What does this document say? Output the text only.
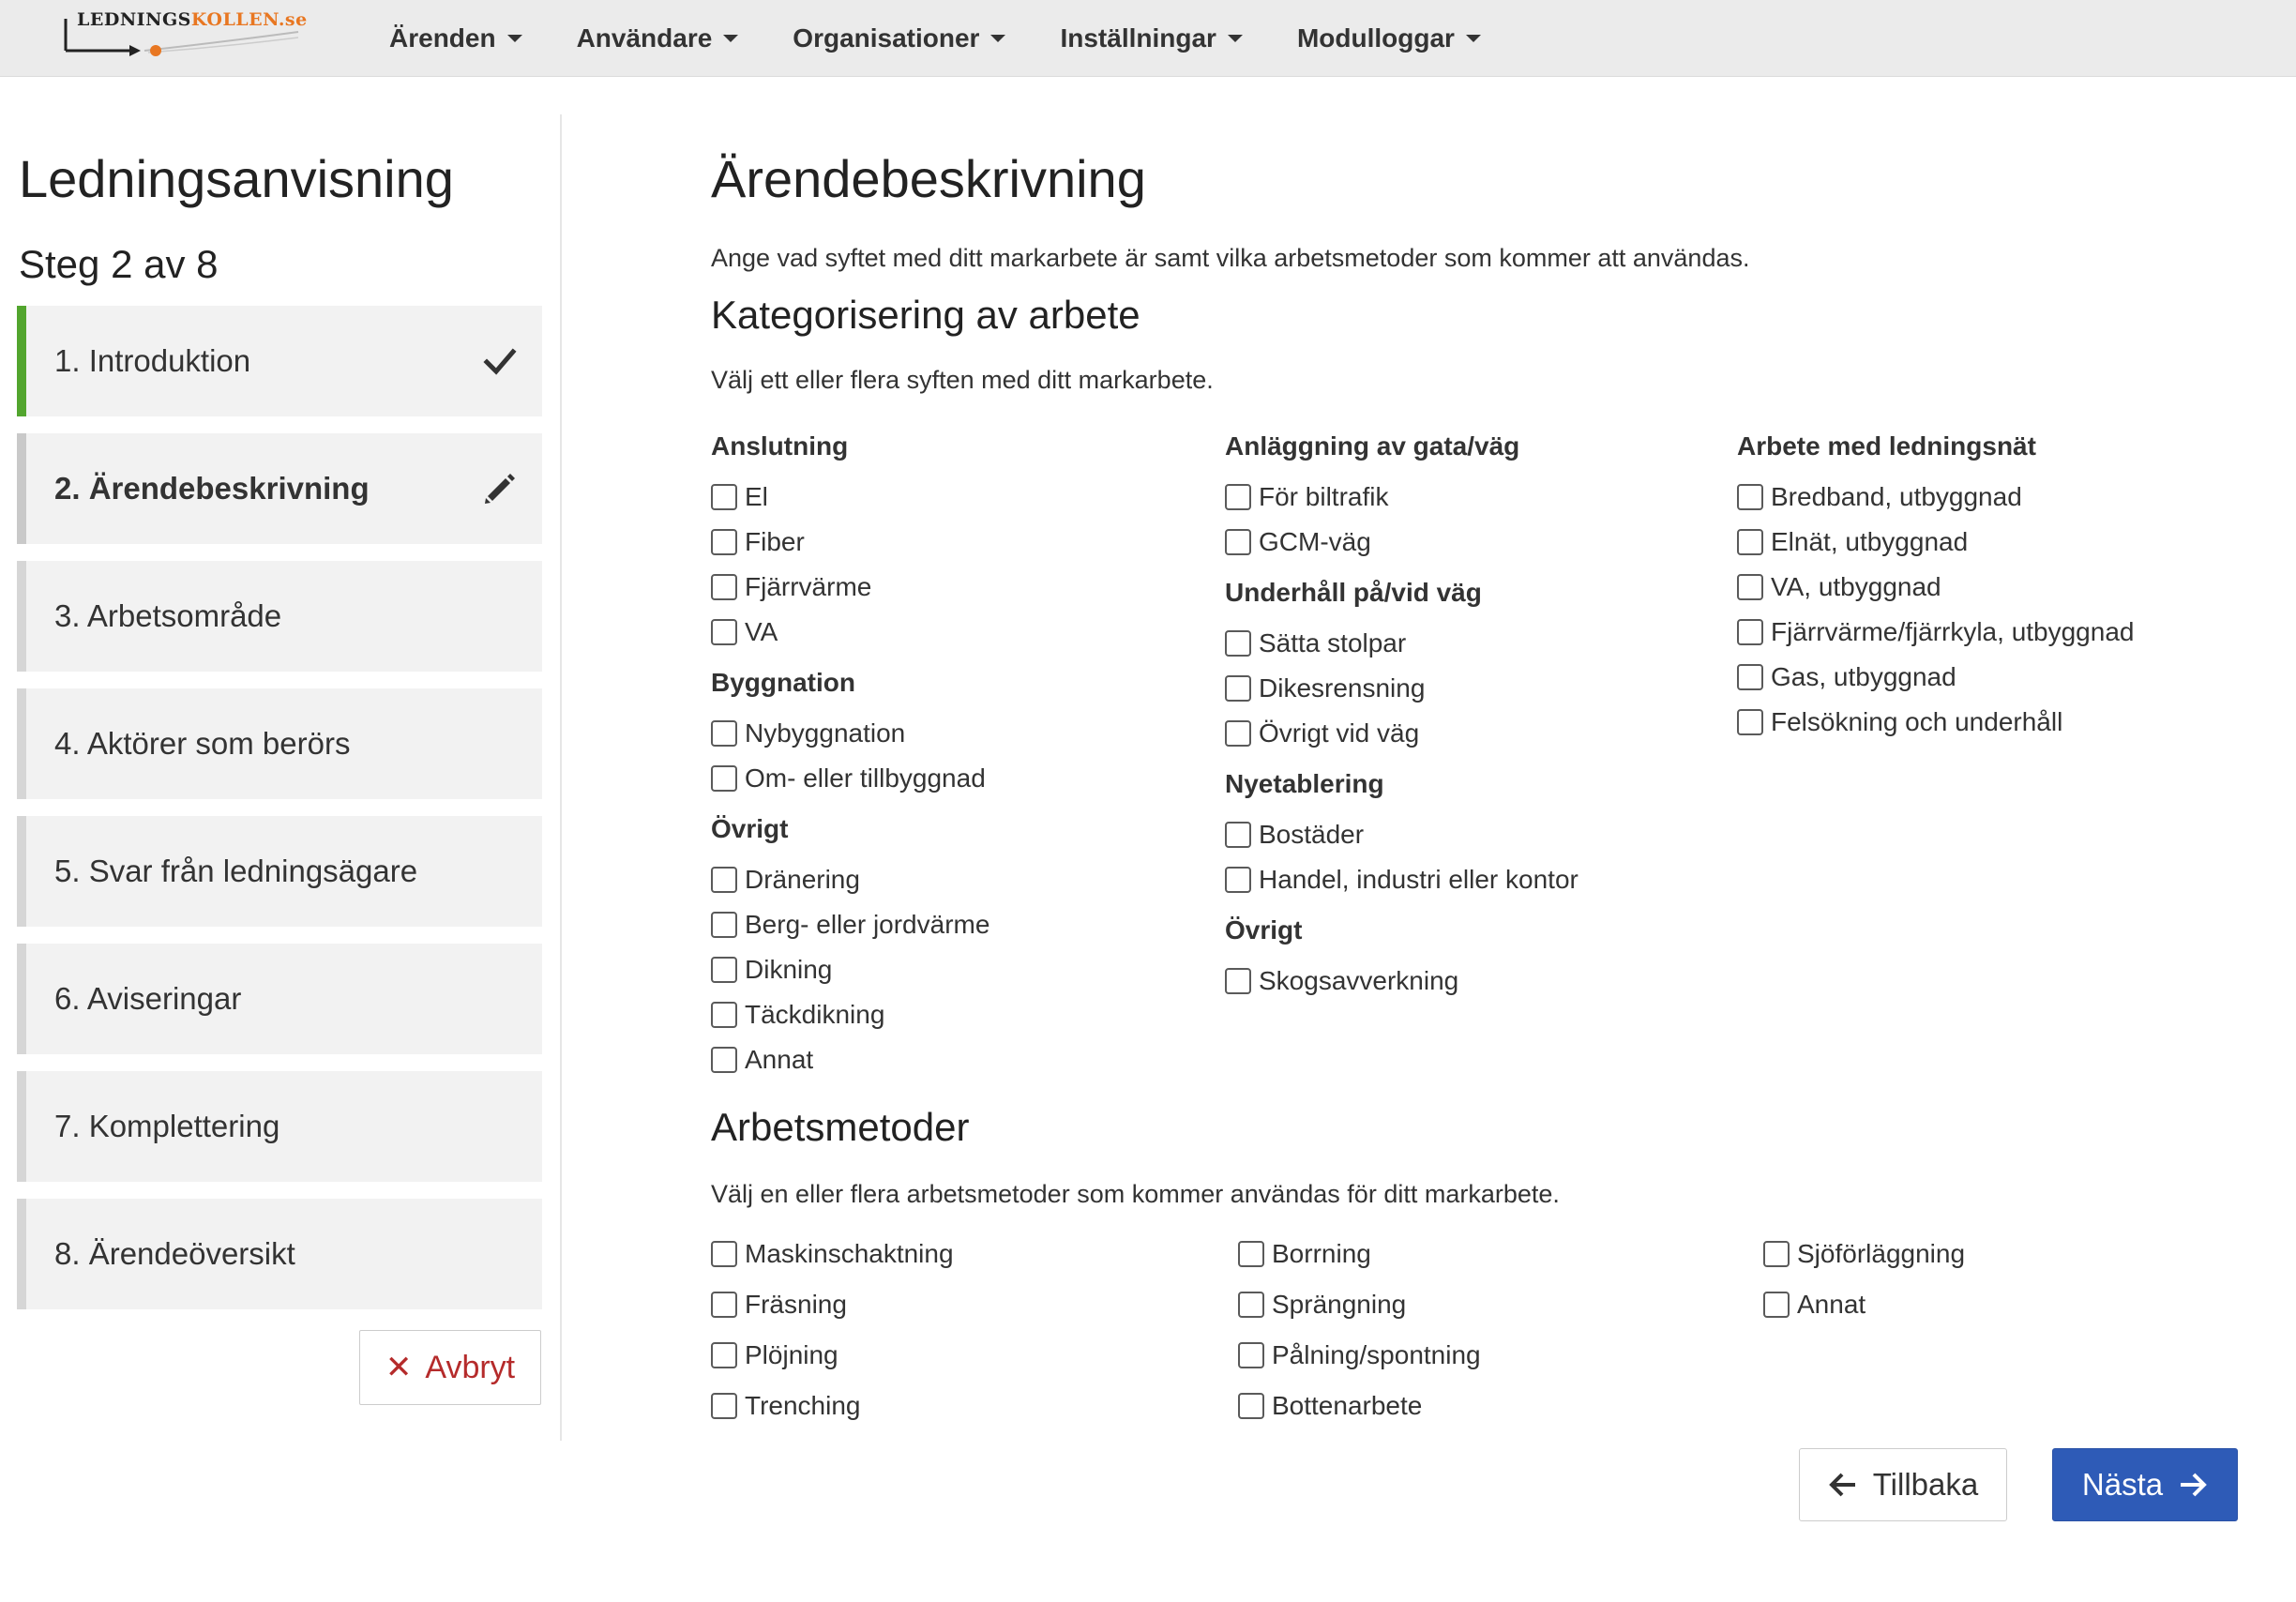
LEDNINGSKOLLEN.se
Ärenden	Användare	Organisationer	Inställningar	Modulloggar
Ledningsanvisning
Steg 2 av 8
1. Introduktion
2. Ärendebeskrivning
3. Arbetsområde
4. Aktörer som berörs
5. Svar från ledningsägare
6. Aviseringar
7. Komplettering
8. Ärendeöversikt
✕ Avbryt
Ärendebeskrivning
Ange vad syftet med ditt markarbete är samt vilka arbetsmetoder som kommer att användas.
Kategorisering av arbete
Välj ett eller flera syften med ditt markarbete.
Anslutning
El
Fiber
Fjärrvärme
VA
Byggnation
Nybyggnation
Om- eller tillbyggnad
Övrigt
Dränering
Berg- eller jordvärme
Dikning
Täckdikning
Annat
Anläggning av gata/väg
För biltrafik
GCM-väg
Underhåll på/vid väg
Sätta stolpar
Dikesrensning
Övrigt vid väg
Nyetablering
Bostäder
Handel, industri eller kontor
Övrigt
Skogsavverkning
Arbete med ledningsnät
Bredband, utbyggnad
Elnät, utbyggnad
VA, utbyggnad
Fjärrvärme/fjärrkyla, utbyggnad
Gas, utbyggnad
Felsökning och underhåll
Arbetsmetoder
Välj en eller flera arbetsmetoder som kommer användas för ditt markarbete.
Maskinschaktning
Fräsning
Plöjning
Trenching
Borrning
Sprängning
Pålning/spontning
Bottenarbete
Sjöförläggning
Annat
Tillbaka	Nästa
